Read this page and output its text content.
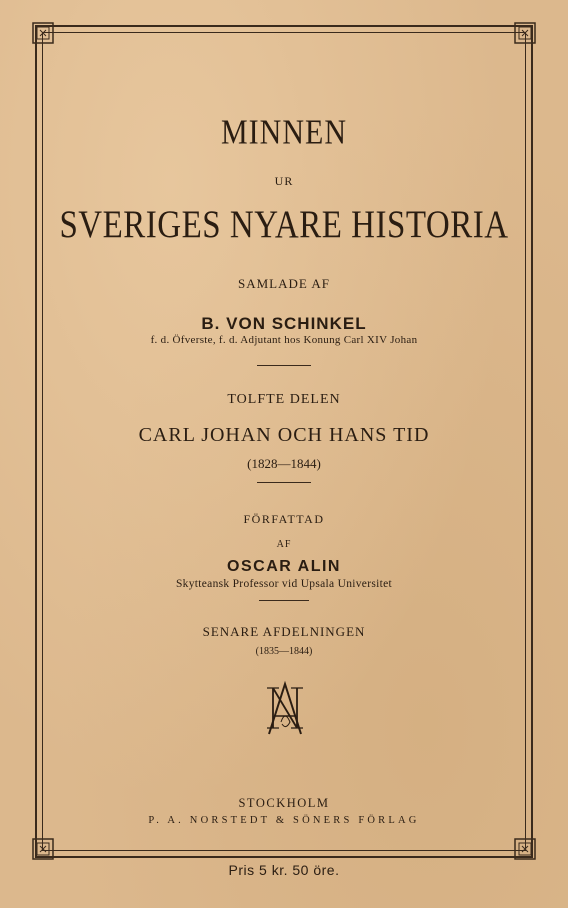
MINNEN
UR
SVERIGES NYARE HISTORIA
SAMLADE AF
B. VON SCHINKEL
f. d. Öfverste, f. d. Adjutant hos Konung Carl XIV Johan
TOLFTE DELEN
CARL JOHAN OCH HANS TID
(1828—1844)
FÖRFATTAD
AF
OSCAR ALIN
Skytteansk Professor vid Upsala Universitet
SENARE AFDELNINGEN
(1835—1844)
STOCKHOLM
P. A. NORSTEDT & SÖNERS FÖRLAG
Pris 5 kr. 50 öre.
